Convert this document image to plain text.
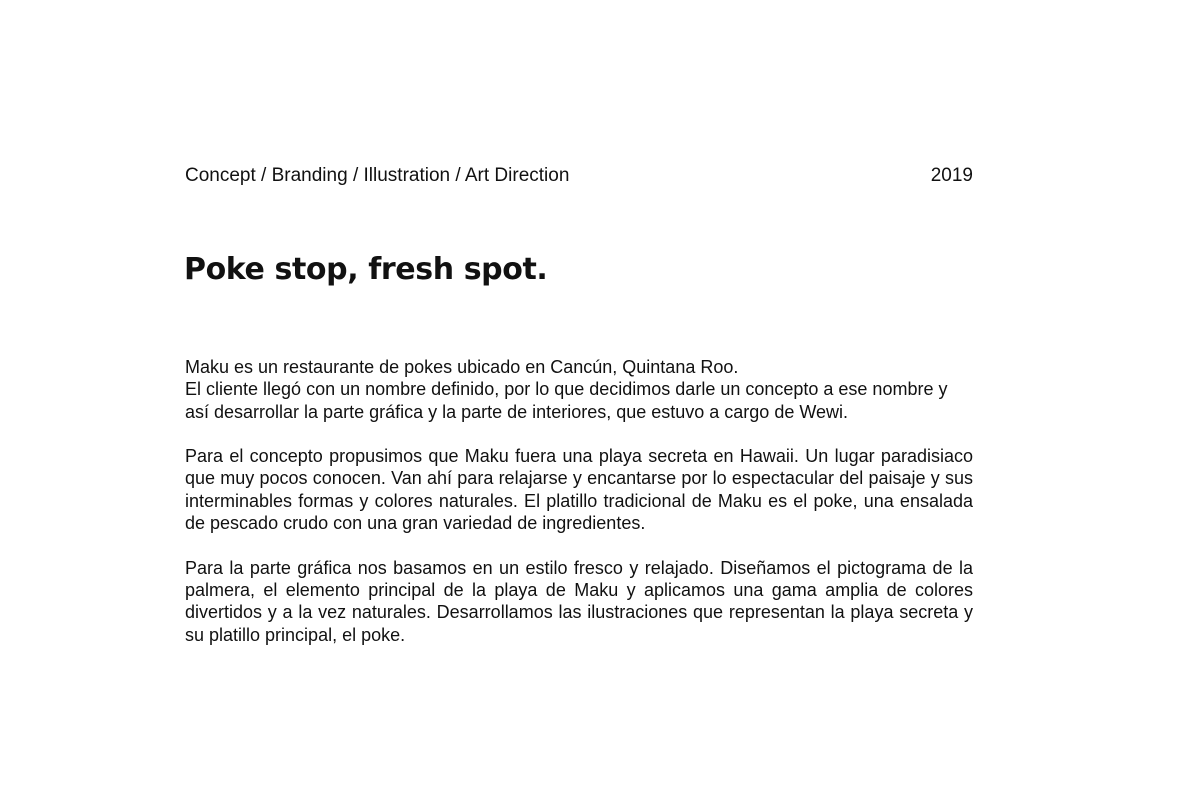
Concept / Branding / Illustration / Art Direction	2019
Poke stop, fresh spot.

Maku es un restaurante de pokes ubicado en Cancún, Quintana Roo.
El cliente llegó con un nombre definido, por lo que decidimos darle un concepto a ese nombre y así desarrollar la parte gráfica y la parte de interiores, que estuvo a cargo de Wewi.

Para el concepto propusimos que Maku fuera una playa secreta en Hawaii. Un lugar paradisiaco que muy pocos conocen. Van ahí para relajarse y encantarse por lo espectacular del paisaje y sus interminables formas y colores naturales. El platillo tradicional de Maku es el poke, una ensalada de pescado crudo con una gran variedad de ingredientes.

Para la parte gráfica nos basamos en un estilo fresco y relajado. Diseñamos el pictograma de la palmera, el elemento principal de la playa de Maku y aplicamos una gama amplia de colores divertidos y a la vez naturales. Desarrollamos las ilustraciones que representan la playa secreta y su platillo principal, el poke.
